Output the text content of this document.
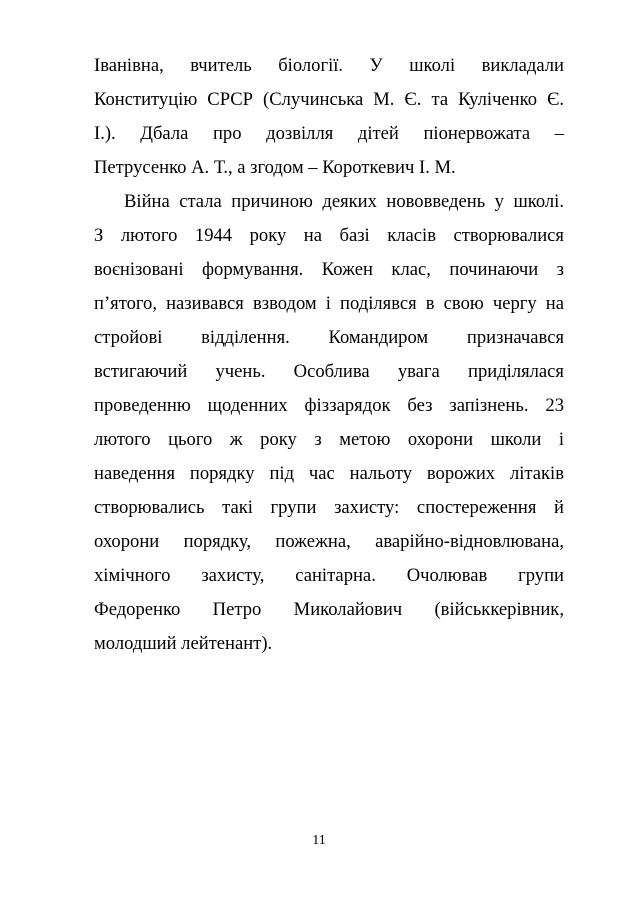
Іванівна, вчитель біології. У школі викладали
Конституцію СРСР (Случинська М. Є. та Куліченко Є.
І.). Дбала про дозвілля дітей піонервожата –
Петрусенко А. Т., а згодом – Короткевич І. М.
Війна стала причиною деяких нововведень у школі.
З лютого 1944 року на базі класів створювалися
воєнізовані формування. Кожен клас, починаючи з
п’ятого, називався взводом і поділявся в свою чергу на
стройові відділення. Командиром призначався
встигаючий учень. Особлива увага приділялася
проведенню щоденних фіззарядок без запізнень. 23
лютого цього ж року з метою охорони школи і
наведення порядку під час нальоту ворожих літаків
створювались такі групи захисту: спостереження й
охорони порядку, пожежна, аварійно-відновлювана,
хімічного захисту, санітарна. Очолював групи
Федоренко Петро Миколайович (військкерівник,
молодший лейтенант).
11
